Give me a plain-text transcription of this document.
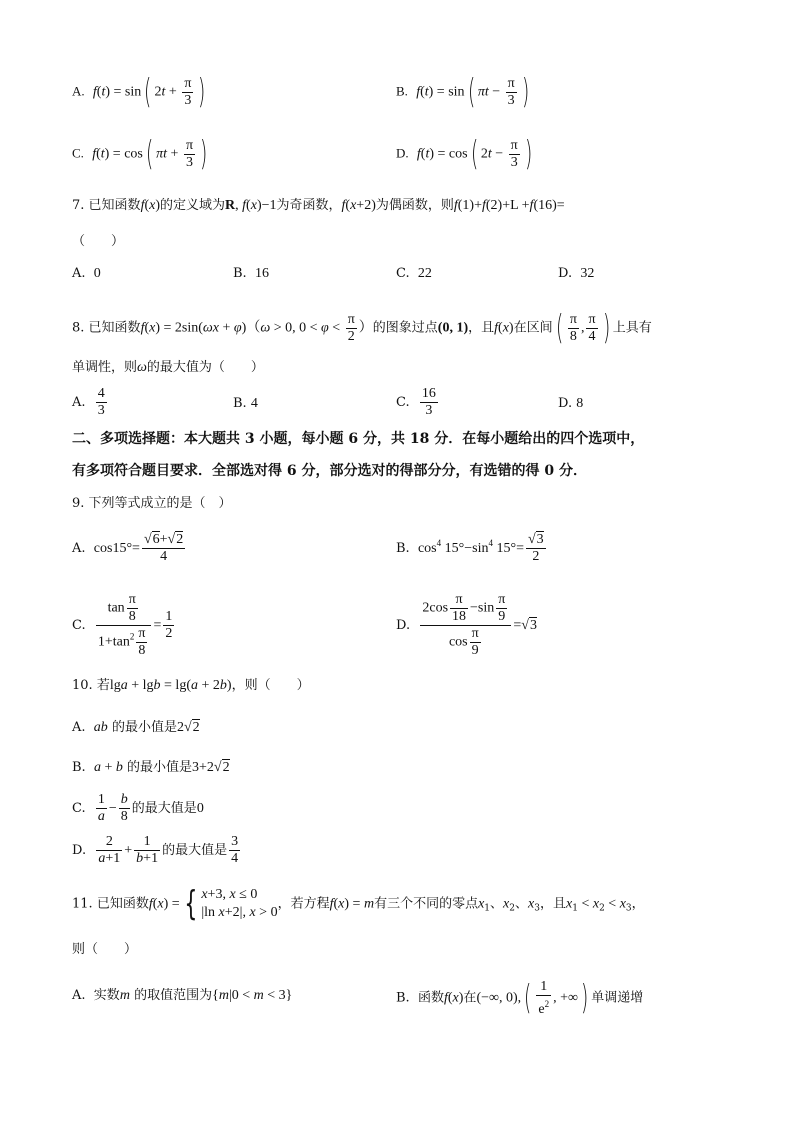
A. f(t) = sin( $2t + \frac{\pi}{3}$ )	B. f(t) = sin( $\pi t - \frac{\pi}{3}$ )
C. f(t) = cos( $\pi t + \frac{\pi}{3}$ )	D. f(t) = cos( $2t - \frac{\pi}{3}$ )
7. 已知函数f(x)的定义域为R, f(x)−1为奇函数，f(x+2)为偶函数，则f(1)+f(2)+L +f(16)=
（　　）
A. 0	B. 16	C. 22	D. 32
8. 已知函数f(x) = 2sin(ωx + φ)（ω > 0, $0 < \varphi < \frac{\pi}{2}$ ）的图象过点(0, 1)，且f(x)在区间( $\frac{\pi}{8}$ , $\frac{\pi}{4}$ ) 上具有
单调性，则ω的最大值为（　　）
A. $\frac{4}{3}$	B. 4	C. $\frac{16}{3}$	D. 8
二、多项选择题：本大题共 3 小题，每小题 6 分，共 18 分．在每小题给出的四个选项中，
有多项符合题目要求．全部选对得 6 分，部分选对的得部分分，有选错的得 0 分．
9. 下列等式成立的是（　）
A. $\cos 15^\circ= \frac{√6+√2}{4}$	B. $\cos^4 15^\circ-\sin^4$ $15^\circ= \frac{√3}{2}$
C. $\frac{\tan \frac{\pi}{8}}{1+\tan^2 \frac{\pi}{8}} = \frac{1}{2}$	D. $\frac{2\cos \frac{\pi}{18} -\sin \frac{\pi}{9}}{\cos \frac{\pi}{9}} =√3$
10. 若lga + lgb = lg(a + 2b)，则（　　）
A. ab 的最小值是2√2
B. a + b 的最小值是3+2√2
C. $\frac{1}{a} - \frac{b}{8}$ 的最大值是0
D. $\frac{2}{a+1} + \frac{1}{b+1}$ 的最大值是 $\frac{3}{4}$
11. 已知函数f(x) = { x+3, x ≤ 0
|ln x+2|, x > 0，若方程f(x) = m有三个不同的零点$x_1$、$x_2$、$x_3$，且$x_1 < x_2 < x_3$，
则（　　）
A. 实数m 的取值范围为{m|0 < m < 3}	B. 函数f(x)在(−∞, $0),( \frac{1}{e^2}$ , +∞) 单调递增
